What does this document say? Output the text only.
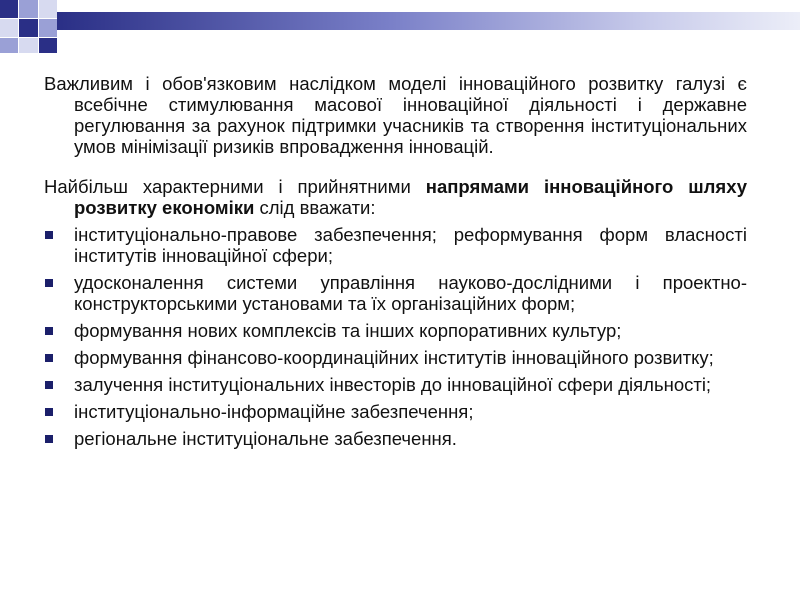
Важливим і обов'язковим наслідком моделі інноваційного розвитку галузі є всебічне стимулювання масової інноваційної діяльності і державне регулювання за рахунок підтримки учасників та створення інституціональних умов мінімізації ризиків впровадження інновацій.

Найбільш характерними і прийнятними напрямами інноваційного шляху розвитку економіки слід вважати:

інституціонально-правове забезпечення; реформування форм власності інститутів інноваційної сфери;
удосконалення системи управління науково-дослідними і проектно-конструкторськими установами та їх організаційних форм;
формування нових комплексів та інших корпоративних культур;
формування фінансово-координаційних інститутів інноваційного розвитку;
залучення інституціональних інвесторів до інноваційної сфери діяльності;
інституціонально-інформаційне забезпечення;
регіональне інституціональне забезпечення.
